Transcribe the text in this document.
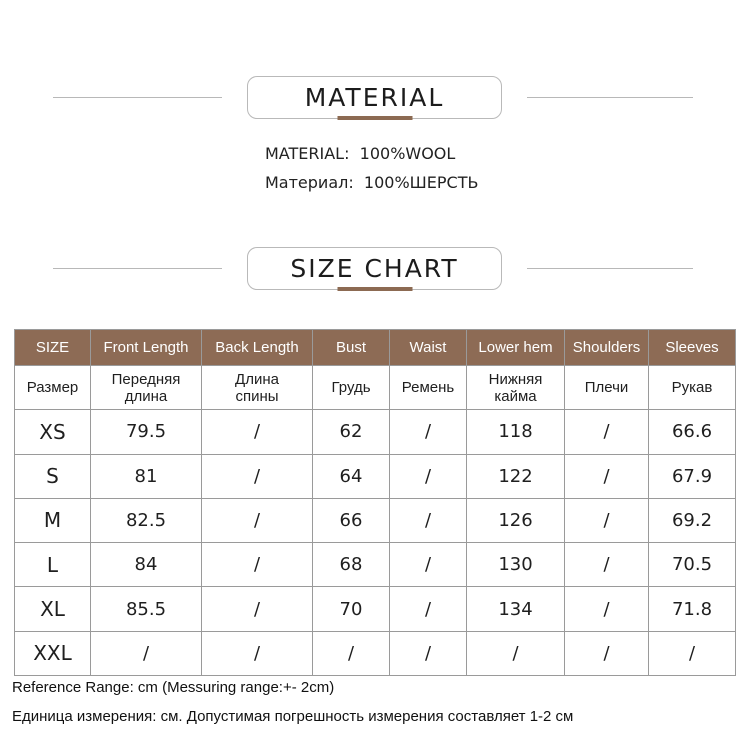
MATERIAL
MATERIAL:  100%WOOL
Материал:  100%ШЕРСТЬ
SIZE CHART
SIZE	Front Length	Back Length	Bust	Waist	Lower hem	Shoulders	Sleeves
Размер	Передняя длина	Длина спины	Грудь	Ремень	Нижняя кайма	Плечи	Рукав
XS	79.5	/	62	/	118	/	66.6
S	81	/	64	/	122	/	67.9
M	82.5	/	66	/	126	/	69.2
L	84	/	68	/	130	/	70.5
XL	85.5	/	70	/	134	/	71.8
XXL	/	/	/	/	/	/	/
Reference Range: cm (Messuring range:+- 2cm)
Единица измерения: см. Допустимая погрешность измерения составляет 1-2 см
